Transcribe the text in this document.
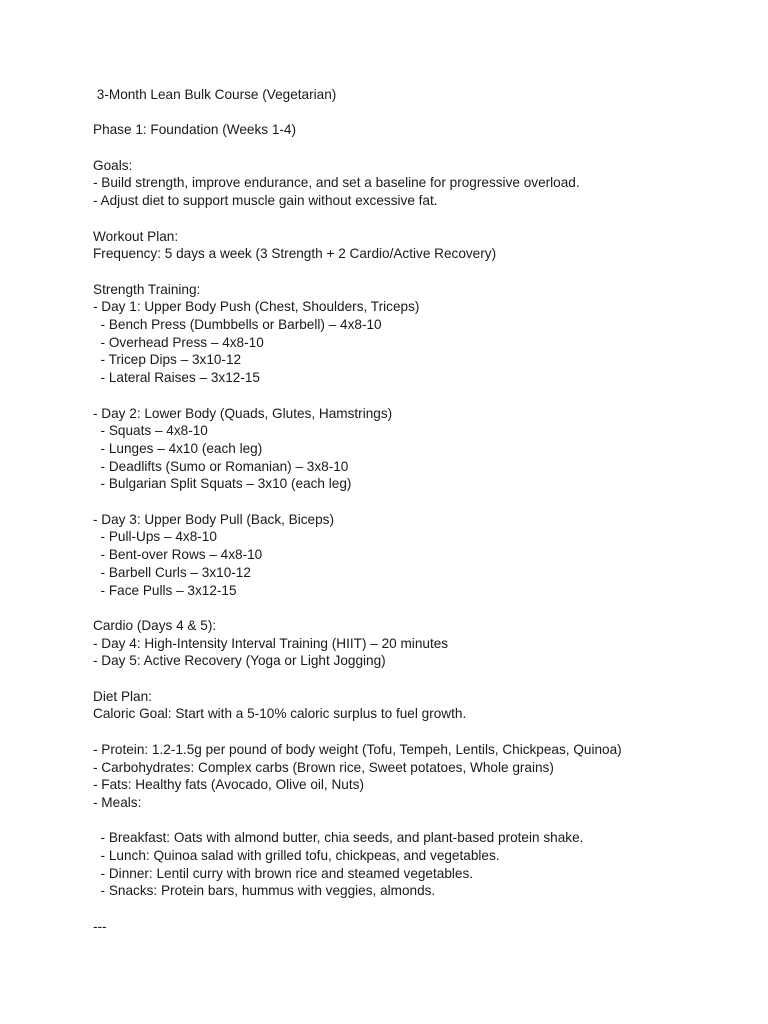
3-Month Lean Bulk Course (Vegetarian)
Phase 1: Foundation (Weeks 1-4)
Goals:
- Build strength, improve endurance, and set a baseline for progressive overload.
- Adjust diet to support muscle gain without excessive fat.
Workout Plan:
Frequency: 5 days a week (3 Strength + 2 Cardio/Active Recovery)
Strength Training:
- Day 1: Upper Body Push (Chest, Shoulders, Triceps)
- Bench Press (Dumbbells or Barbell) – 4x8-10
- Overhead Press – 4x8-10
- Tricep Dips – 3x10-12
- Lateral Raises – 3x12-15
- Day 2: Lower Body (Quads, Glutes, Hamstrings)
- Squats – 4x8-10
- Lunges – 4x10 (each leg)
- Deadlifts (Sumo or Romanian) – 3x8-10
- Bulgarian Split Squats – 3x10 (each leg)
- Day 3: Upper Body Pull (Back, Biceps)
- Pull-Ups – 4x8-10
- Bent-over Rows – 4x8-10
- Barbell Curls – 3x10-12
- Face Pulls – 3x12-15
Cardio (Days 4 & 5):
- Day 4: High-Intensity Interval Training (HIIT) – 20 minutes
- Day 5: Active Recovery (Yoga or Light Jogging)
Diet Plan:
Caloric Goal: Start with a 5-10% caloric surplus to fuel growth.
- Protein: 1.2-1.5g per pound of body weight (Tofu, Tempeh, Lentils, Chickpeas, Quinoa)
- Carbohydrates: Complex carbs (Brown rice, Sweet potatoes, Whole grains)
- Fats: Healthy fats (Avocado, Olive oil, Nuts)
- Meals:
- Breakfast: Oats with almond butter, chia seeds, and plant-based protein shake.
- Lunch: Quinoa salad with grilled tofu, chickpeas, and vegetables.
- Dinner: Lentil curry with brown rice and steamed vegetables.
- Snacks: Protein bars, hummus with veggies, almonds.
---
